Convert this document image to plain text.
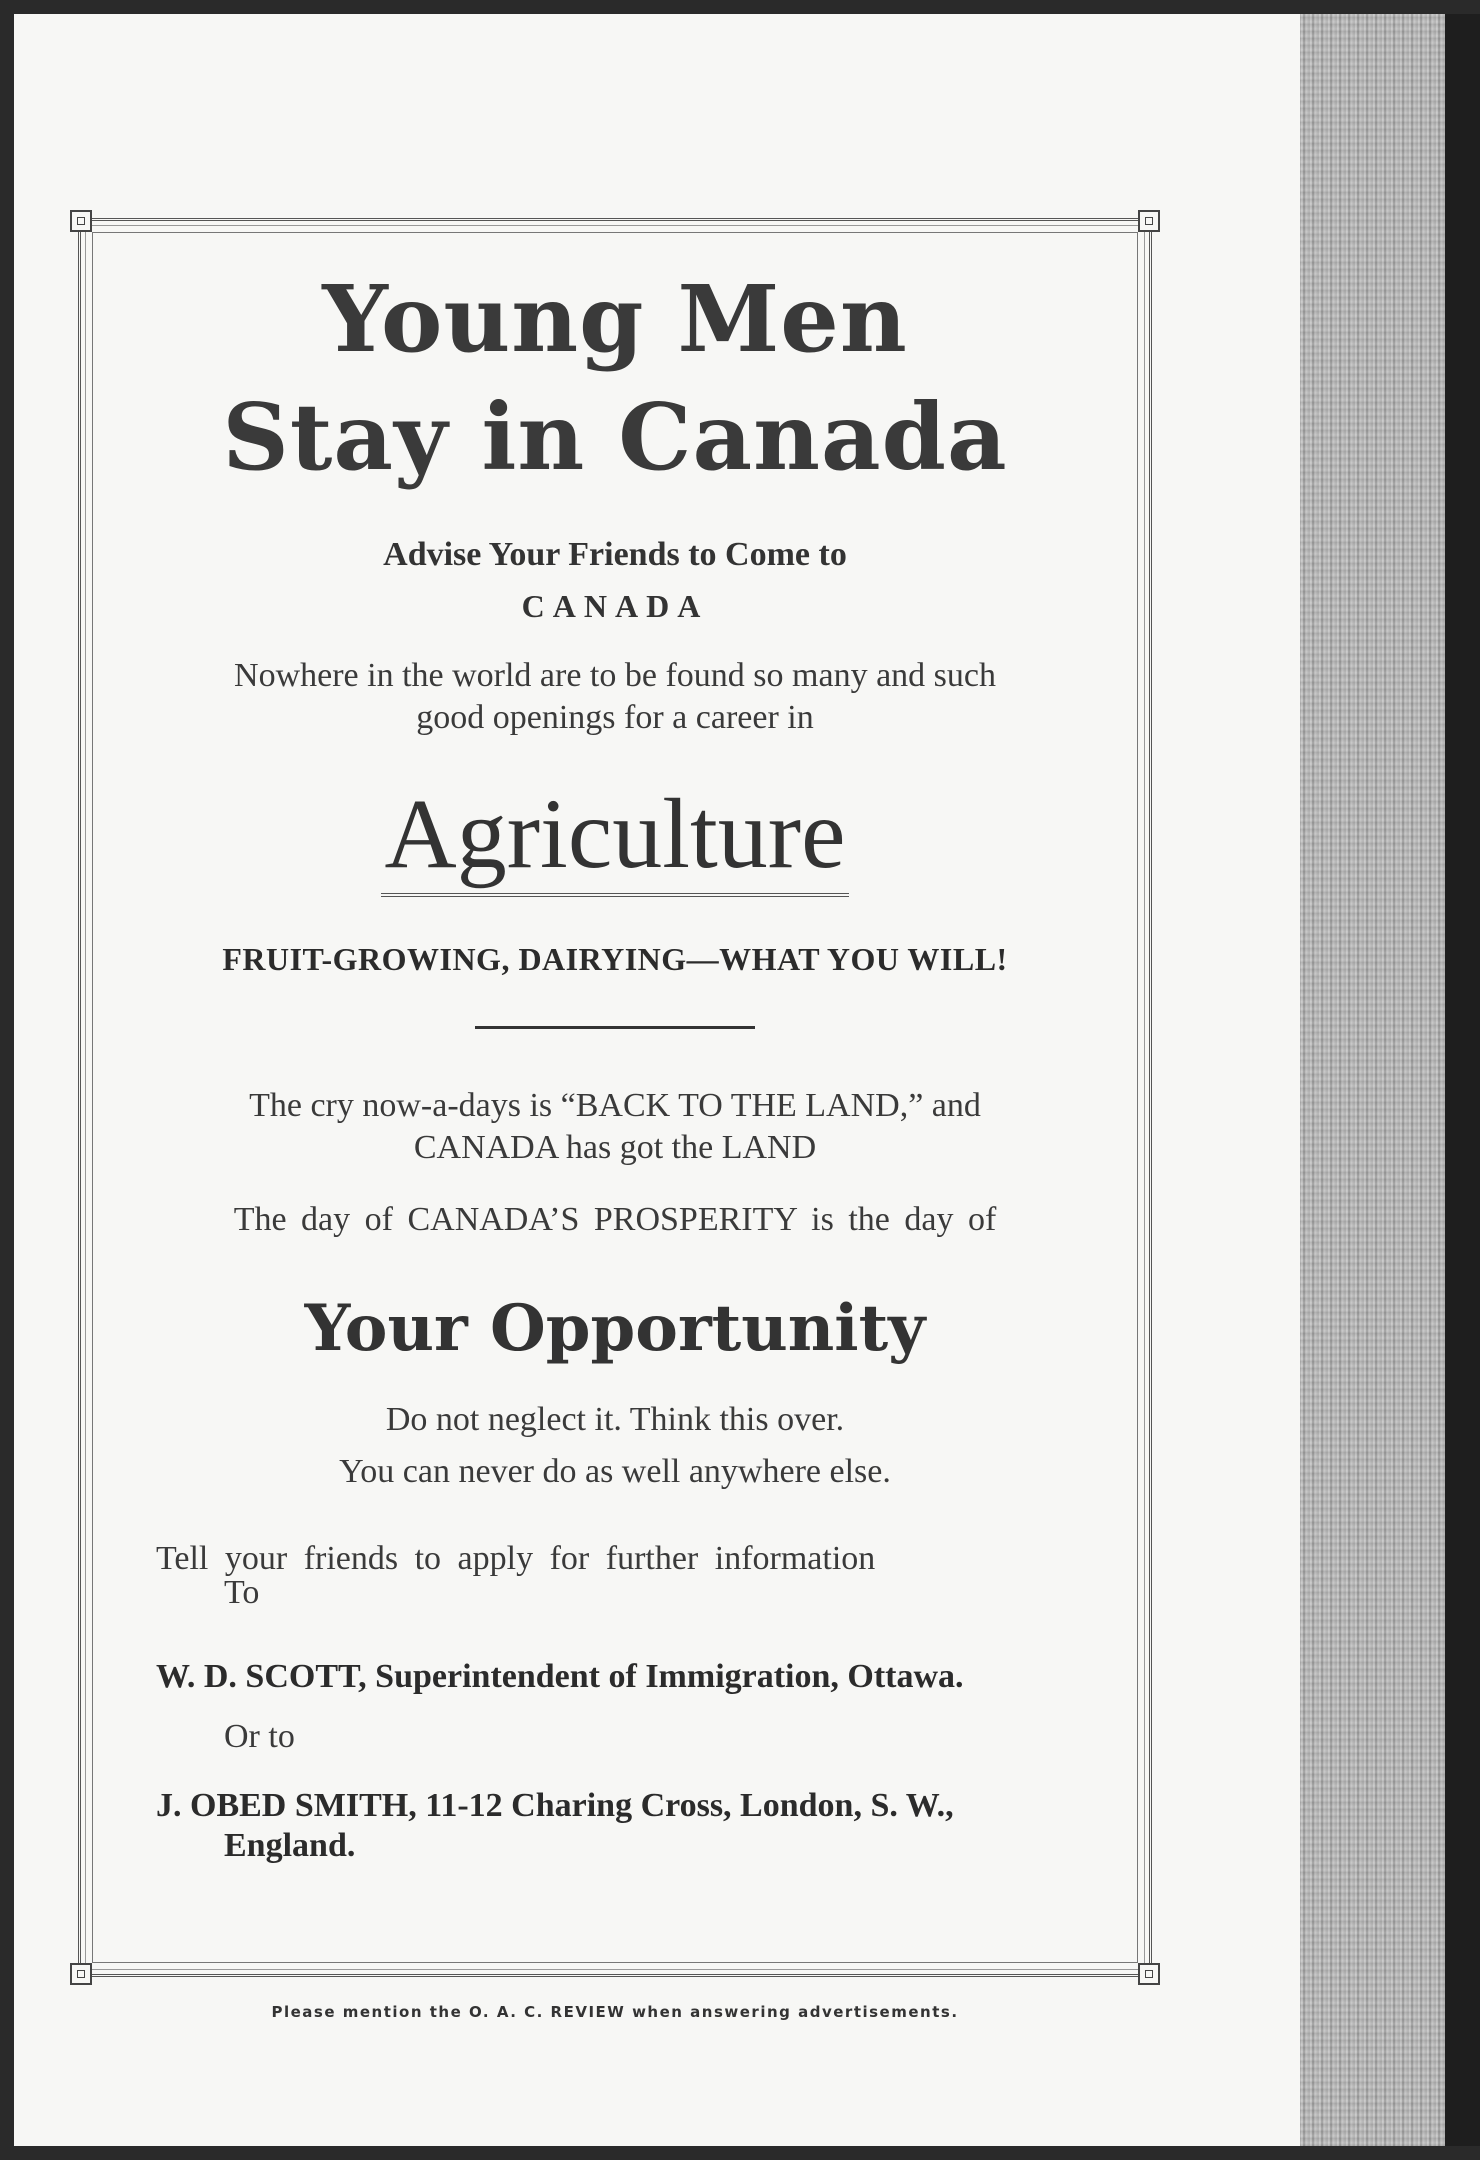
Young Men
Stay in Canada
Advise Your Friends to Come to
CANADA
Nowhere in the world are to be found so many and such
good openings for a career in
Agriculture
FRUIT-GROWING, DAIRYING—WHAT YOU WILL!
The cry now-a-days is “BACK TO THE LAND,” and
CANADA has got the LAND
The day of CANADA’S PROSPERITY is the day of
Your Opportunity
Do not neglect it. Think this over.
You can never do as well anywhere else.
Tell your friends to apply for further information
To
W. D. SCOTT, Superintendent of Immigration, Ottawa.
Or to
J. OBED SMITH, 11-12 Charing Cross, London, S. W.,
England.
Please mention the O. A. C. REVIEW when answering advertisements.
